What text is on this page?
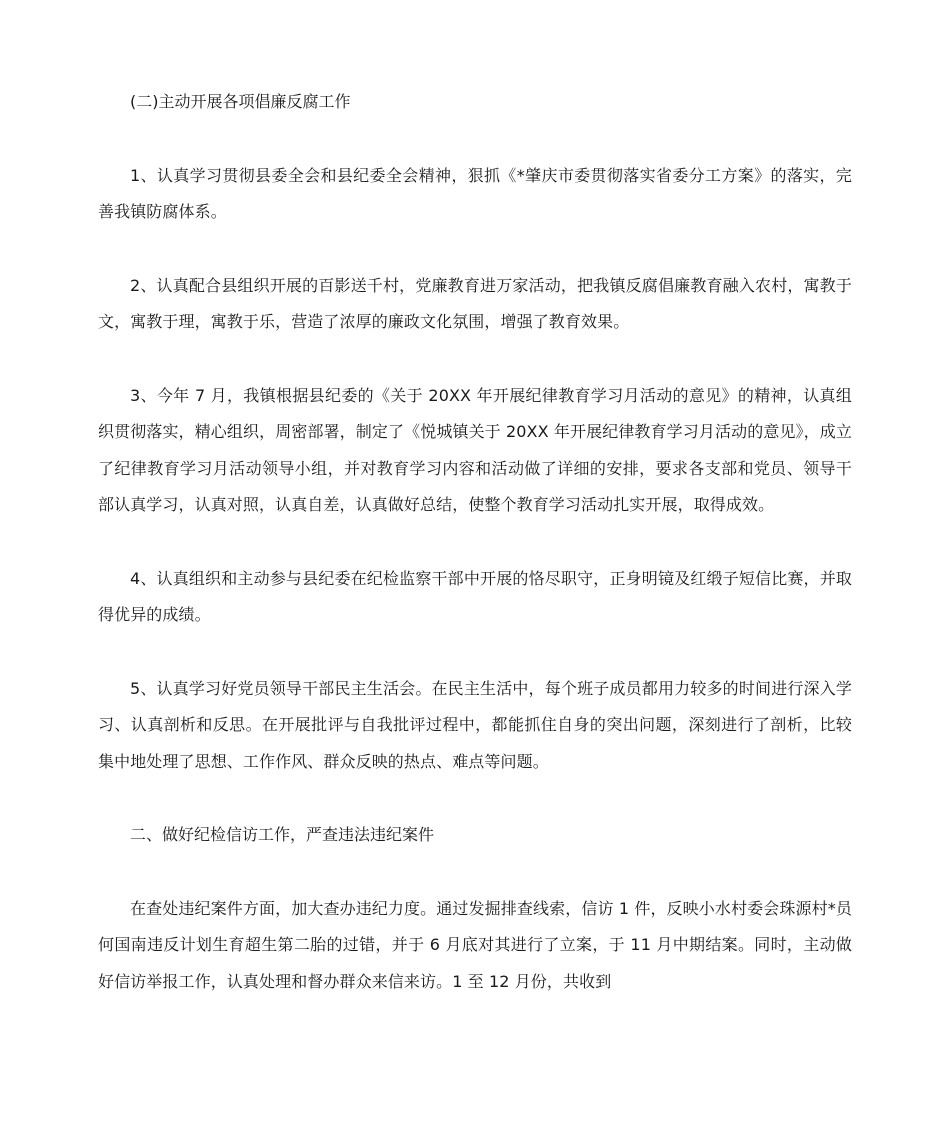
(二)主动开展各项倡廉反腐工作

1、认真学习贯彻县委全会和县纪委全会精神，狠抓《*肇庆市委贯彻落实省委分工方案》的落实，完善我镇防腐体系。

2、认真配合县组织开展的百影送千村，党廉教育进万家活动，把我镇反腐倡廉教育融入农村，寓教于文，寓教于理，寓教于乐，营造了浓厚的廉政文化氛围，增强了教育效果。

3、今年 7 月，我镇根据县纪委的《关于 20XX 年开展纪律教育学习月活动的意见》的精神，认真组织贯彻落实，精心组织，周密部署，制定了《悦城镇关于 20XX 年开展纪律教育学习月活动的意见》，成立了纪律教育学习月活动领导小组，并对教育学习内容和活动做了详细的安排，要求各支部和党员、领导干部认真学习，认真对照，认真自差，认真做好总结，使整个教育学习活动扎实开展，取得成效。

4、认真组织和主动参与县纪委在纪检监察干部中开展的恪尽职守，正身明镜及红缎子短信比赛，并取得优异的成绩。

5、认真学习好党员领导干部民主生活会。在民主生活中，每个班子成员都用力较多的时间进行深入学习、认真剖析和反思。在开展批评与自我批评过程中，都能抓住自身的突出问题，深刻进行了剖析，比较集中地处理了思想、工作作风、群众反映的热点、难点等问题。

二、做好纪检信访工作，严查违法违纪案件

在查处违纪案件方面，加大查办违纪力度。通过发掘排查线索，信访 1 件，反映小水村委会珠源村*员何国南违反计划生育超生第二胎的过错，并于 6 月底对其进行了立案，于 11 月中期结案。同时，主动做好信访举报工作，认真处理和督办群众来信来访。1 至 12 月份，共收到
